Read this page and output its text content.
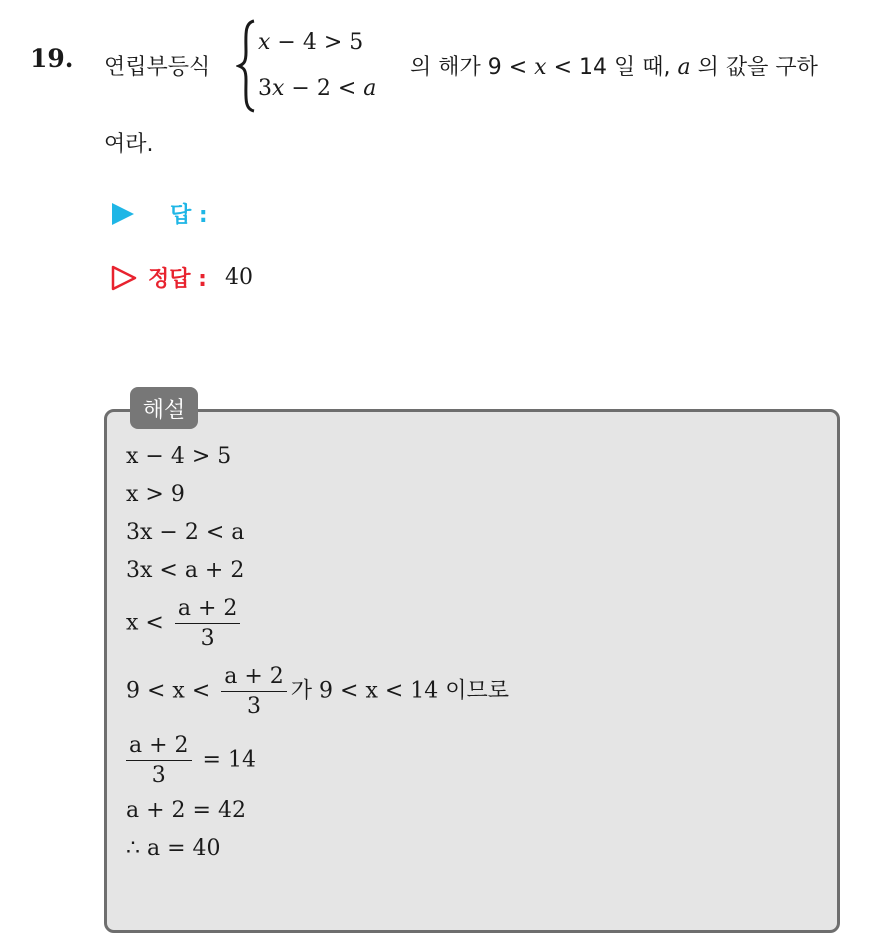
19. 연립부등식
x − 4 > 5
3x − 2 < a
의 해가 9 < x < 14 일 때, a 의 값을 구하
여라.
답 :
정답 : 40
해설
x − 4 > 5
x > 9
3x − 2 < a
3x < a + 2
$x < \frac{a + 2}{3}$
$9 < x < \frac{a + 2}{3}$ 가 9 < x < 14 이므로
$\frac{a + 2}{3} = 14$
a + 2 = 42
∴ a = 40
